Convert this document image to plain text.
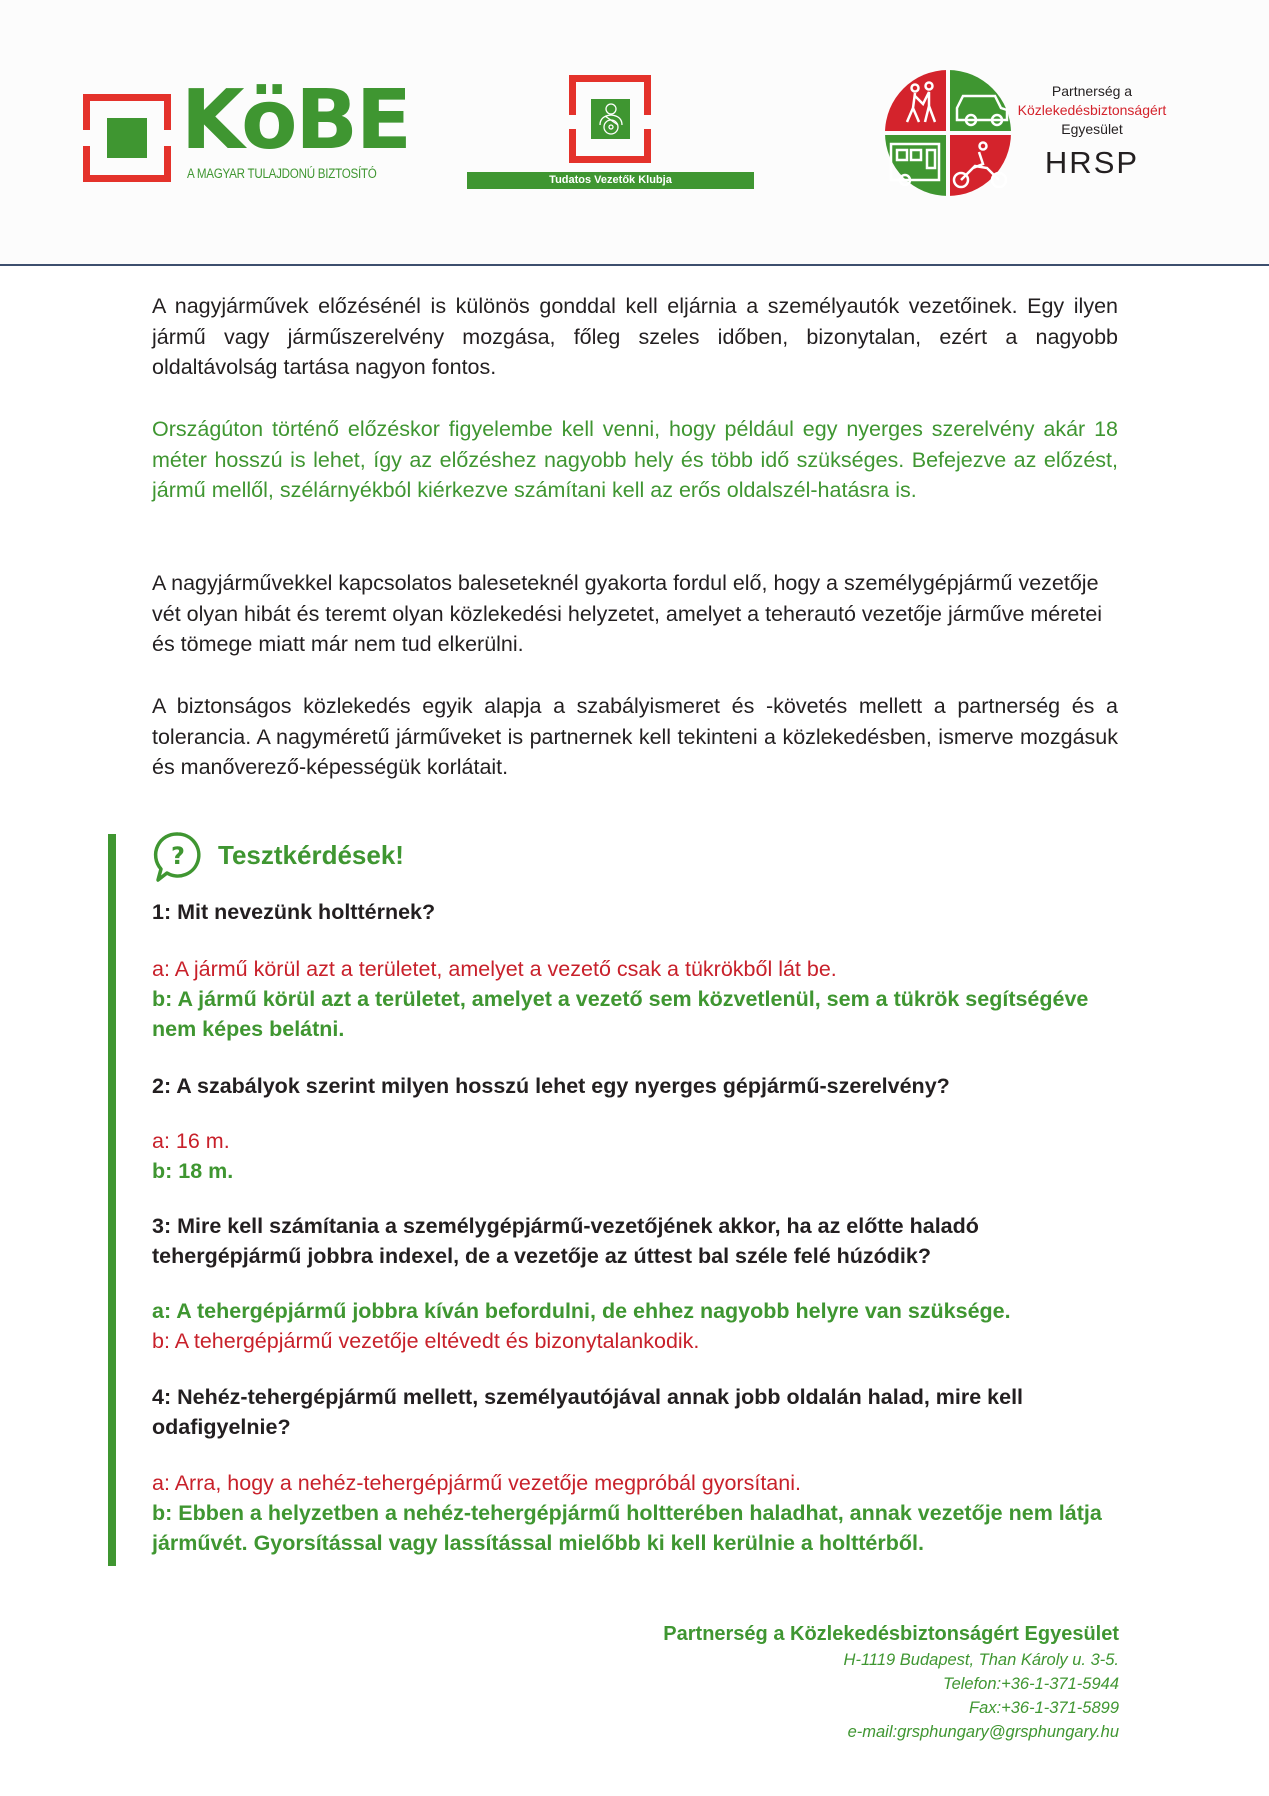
KöBE
A MAGYAR TULAJDONÚ BIZTOSÍTÓ	Tudatos Vezetők Klubja
Partnerség a
Közlekedésbiztonságért
Egyesület
HRSP

A nagyjárművek előzésénél is különös gonddal kell eljárnia a személyautók vezetőinek. Egy ilyen jármű vagy járműszerelvény mozgása, főleg szeles időben, bizonytalan, ezért a nagyobb oldaltávolság tartása nagyon fontos.

Országúton történő előzéskor figyelembe kell venni, hogy például egy nyerges szerelvény akár 18 méter hosszú is lehet, így az előzéshez nagyobb hely és több idő szükséges. Befejezve az előzést, jármű mellől, szélárnyékból kiérkezve számítani kell az erős oldalszél-hatásra is.

A nagyjárművekkel kapcsolatos baleseteknél gyakorta fordul elő, hogy a személygépjármű vezetője vét olyan hibát és teremt olyan közlekedési helyzetet, amelyet a teherautó vezetője járműve méretei és tömege miatt már nem tud elkerülni.

A biztonságos közlekedés egyik alapja a szabályismeret és -követés mellett a partnerség és a tolerancia. A nagyméretű járműveket is partnernek kell tekinteni a közlekedésben, ismerve mozgásuk és manőverező-képességük korlátait.

? Tesztkérdések!
1: Mit nevezünk holttérnek?
a: A jármű körül azt a területet, amelyet a vezető csak a tükrökből lát be.
b: A jármű körül azt a területet, amelyet a vezető sem közvetlenül, sem a tükrök segítségéve nem képes belátni.
2: A szabályok szerint milyen hosszú lehet egy nyerges gépjármű-szerelvény?
a: 16 m.
b: 18 m.
3: Mire kell számítania a személygépjármű-vezetőjének akkor, ha az előtte haladó tehergépjármű jobbra indexel, de a vezetője az úttest bal széle felé húzódik?
a: A tehergépjármű jobbra kíván befordulni, de ehhez nagyobb helyre van szüksége.
b: A tehergépjármű vezetője eltévedt és bizonytalankodik.
4: Nehéz-tehergépjármű mellett, személyautójával annak jobb oldalán halad, mire kell odafigyelnie?
a: Arra, hogy a nehéz-tehergépjármű vezetője megpróbál gyorsítani.
b: Ebben a helyzetben a nehéz-tehergépjármű holtterében haladhat, annak vezetője nem látja járművét. Gyorsítással vagy lassítással mielőbb ki kell kerülnie a holttérből.
Partnerség a Közlekedésbiztonságért Egyesület
H-1119 Budapest, Than Károly u. 3-5.
Telefon:+36-1-371-5944
Fax:+36-1-371-5899
e-mail:grsphungary@grsphungary.hu
